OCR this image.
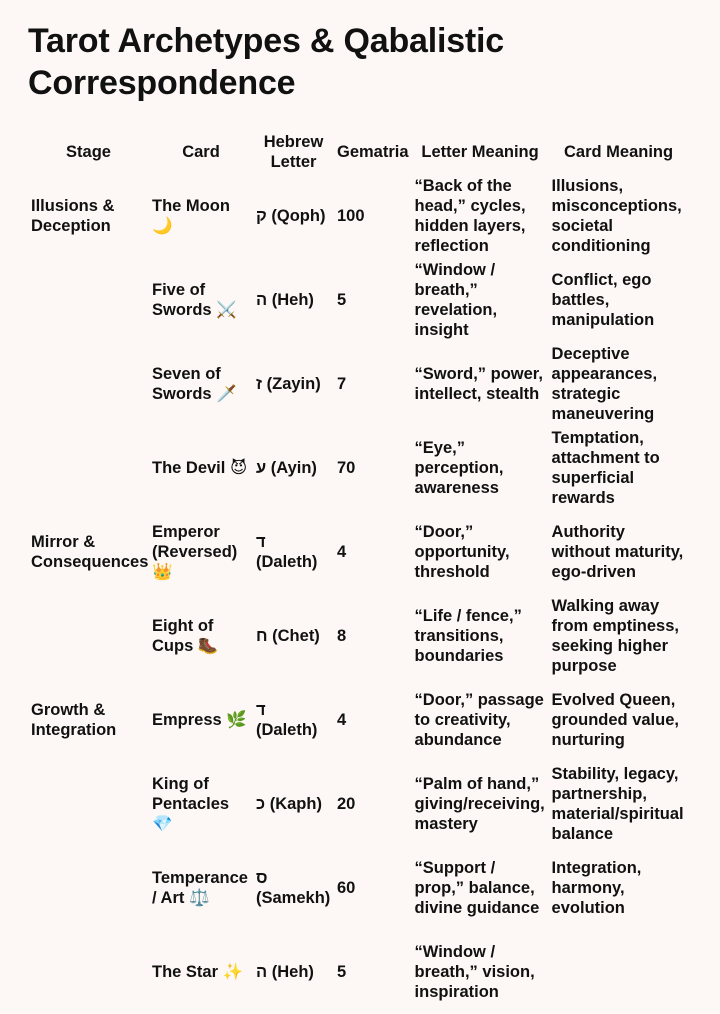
Tarot Archetypes & Qabalistic Correspondence
Stage	Card	Hebrew Letter	Gematria	Letter Meaning	Card Meaning
Illusions & Deception	The Moon 🌙	ק (Qoph)	100	“Back of the head,” cycles, hidden layers, reflection	Illusions, misconceptions, societal conditioning
	Five of Swords ⚔️	ה (Heh)	5	“Window / breath,” revelation, insight	Conflict, ego battles, manipulation
	Seven of Swords 🗡️	ז (Zayin)	7	“Sword,” power, intellect, stealth	Deceptive appearances, strategic maneuvering
	The Devil 😈	ע (Ayin)	70	“Eye,” perception, awareness	Temptation, attachment to superficial rewards
Mirror & Consequences	Emperor (Reversed) 👑	ד (Daleth)	4	“Door,” opportunity, threshold	Authority without maturity, ego-driven
	Eight of Cups 🥾	ח (Chet)	8	“Life / fence,” transitions, boundaries	Walking away from emptiness, seeking higher purpose
Growth & Integration	Empress 🌿	ד (Daleth)	4	“Door,” passage to creativity, abundance	Evolved Queen, grounded value, nurturing
	King of Pentacles 💎	כ (Kaph)	20	“Palm of hand,” giving/receiving, mastery	Stability, legacy, partnership, material/spiritual balance
	Temperance / Art ⚖️	ס (Samekh)	60	“Support / prop,” balance, divine guidance	Integration, harmony, evolution
	The Star ✨	ה (Heh)	5	“Window / breath,” vision, inspiration	
